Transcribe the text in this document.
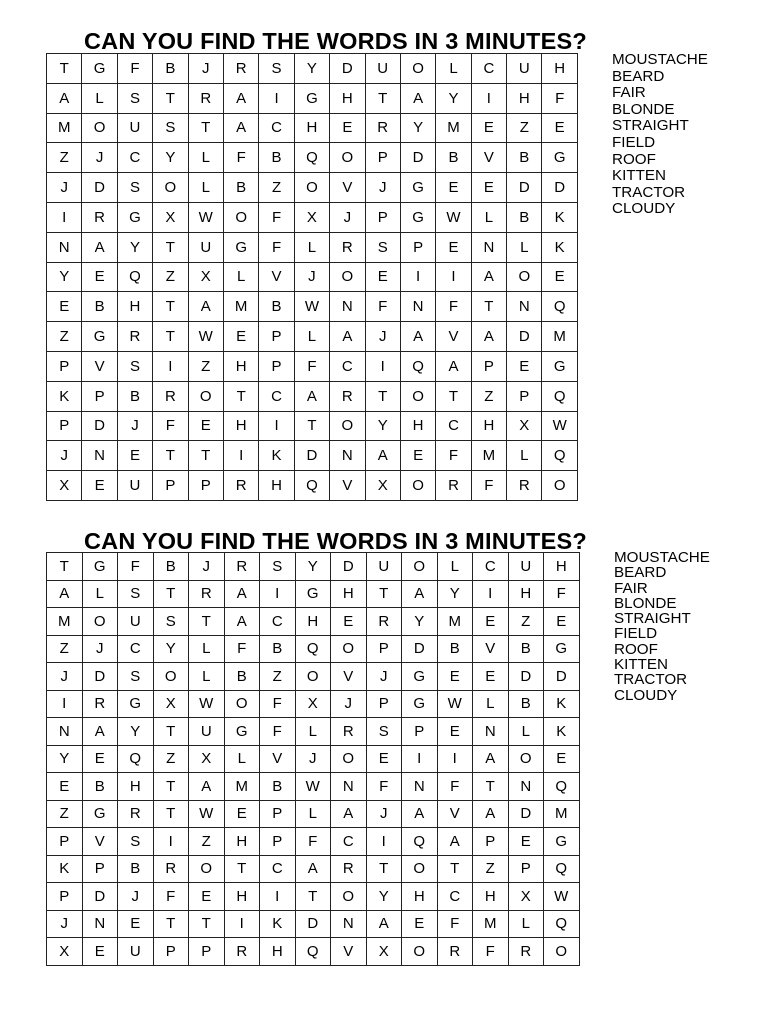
CAN YOU FIND THE WORDS IN 3 MINUTES?
T	G	F	B	J	R	S	Y	D	U	O	L	C	U	H
A	L	S	T	R	A	I	G	H	T	A	Y	I	H	F
M	O	U	S	T	A	C	H	E	R	Y	M	E	Z	E
Z	J	C	Y	L	F	B	Q	O	P	D	B	V	B	G
J	D	S	O	L	B	Z	O	V	J	G	E	E	D	D
I	R	G	X	W	O	F	X	J	P	G	W	L	B	K
N	A	Y	T	U	G	F	L	R	S	P	E	N	L	K
Y	E	Q	Z	X	L	V	J	O	E	I	I	A	O	E
E	B	H	T	A	M	B	W	N	F	N	F	T	N	Q
Z	G	R	T	W	E	P	L	A	J	A	V	A	D	M
P	V	S	I	Z	H	P	F	C	I	Q	A	P	E	G
K	P	B	R	O	T	C	A	R	T	O	T	Z	P	Q
P	D	J	F	E	H	I	T	O	Y	H	C	H	X	W
J	N	E	T	T	I	K	D	N	A	E	F	M	L	Q
X	E	U	P	P	R	H	Q	V	X	O	R	F	R	O
MOUSTACHE
BEARD
FAIR
BLONDE
STRAIGHT
FIELD
ROOF
KITTEN
TRACTOR
CLOUDY
CAN YOU FIND THE WORDS IN 3 MINUTES?
T	G	F	B	J	R	S	Y	D	U	O	L	C	U	H
A	L	S	T	R	A	I	G	H	T	A	Y	I	H	F
M	O	U	S	T	A	C	H	E	R	Y	M	E	Z	E
Z	J	C	Y	L	F	B	Q	O	P	D	B	V	B	G
J	D	S	O	L	B	Z	O	V	J	G	E	E	D	D
I	R	G	X	W	O	F	X	J	P	G	W	L	B	K
N	A	Y	T	U	G	F	L	R	S	P	E	N	L	K
Y	E	Q	Z	X	L	V	J	O	E	I	I	A	O	E
E	B	H	T	A	M	B	W	N	F	N	F	T	N	Q
Z	G	R	T	W	E	P	L	A	J	A	V	A	D	M
P	V	S	I	Z	H	P	F	C	I	Q	A	P	E	G
K	P	B	R	O	T	C	A	R	T	O	T	Z	P	Q
P	D	J	F	E	H	I	T	O	Y	H	C	H	X	W
J	N	E	T	T	I	K	D	N	A	E	F	M	L	Q
X	E	U	P	P	R	H	Q	V	X	O	R	F	R	O
MOUSTACHE
BEARD
FAIR
BLONDE
STRAIGHT
FIELD
ROOF
KITTEN
TRACTOR
CLOUDY
